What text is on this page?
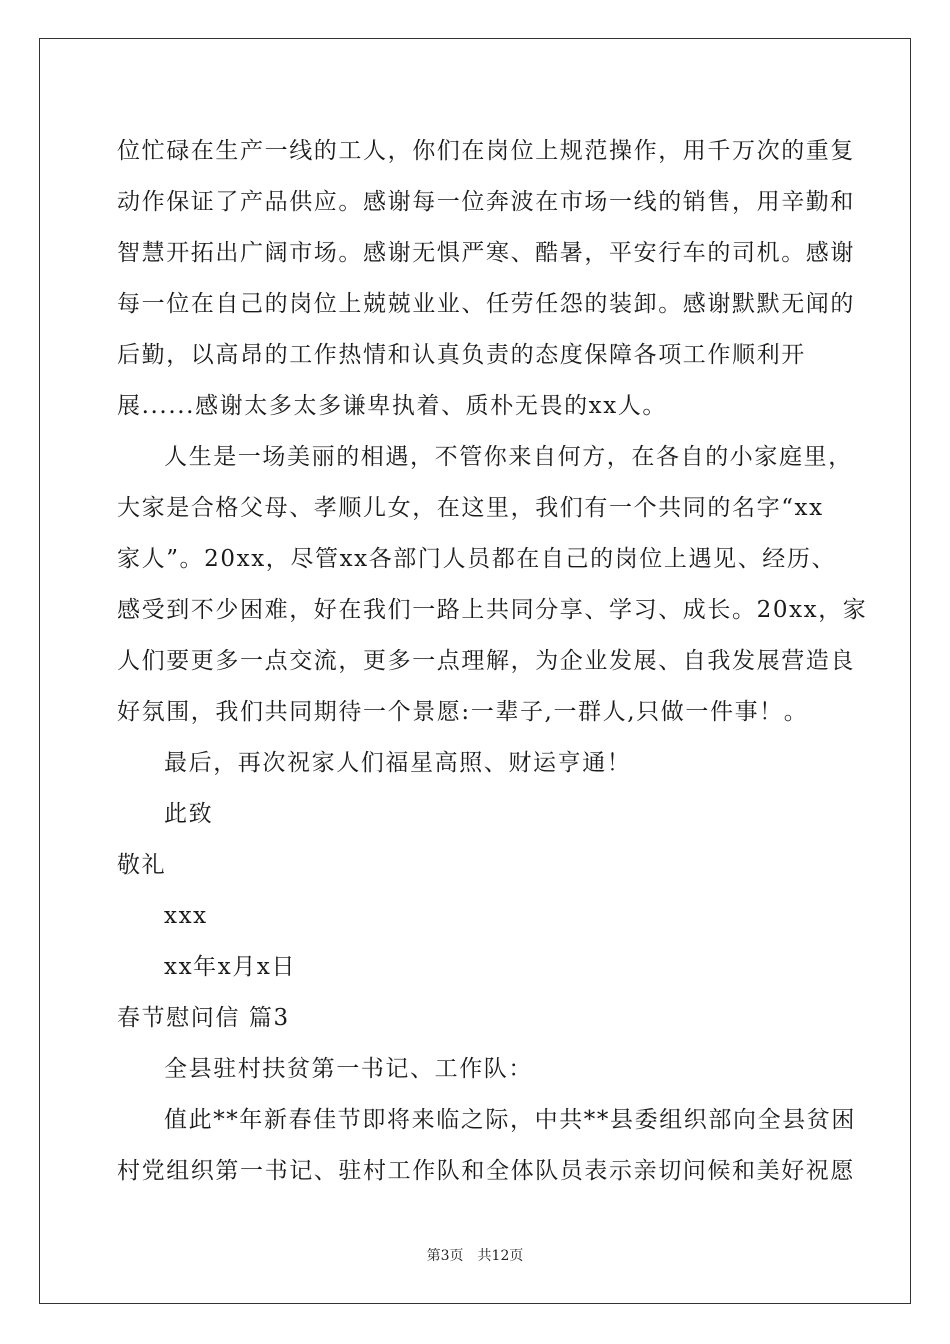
位忙碌在生产一线的工人，你们在岗位上规范操作，用千万次的重复
动作保证了产品供应。感谢每一位奔波在市场一线的销售，用辛勤和
智慧开拓出广阔市场。感谢无惧严寒、酷暑，平安行车的司机。感谢
每一位在自己的岗位上兢兢业业、任劳任怨的装卸。感谢默默无闻的
后勤，以高昂的工作热情和认真负责的态度保障各项工作顺利开
展......感谢太多太多谦卑执着、质朴无畏的xx人。
人生是一场美丽的相遇，不管你来自何方，在各自的小家庭里，
大家是合格父母、孝顺儿女，在这里，我们有一个共同的名字“xx
家人”。20xx，尽管xx各部门人员都在自己的岗位上遇见、经历、
感受到不少困难，好在我们一路上共同分享、学习、成长。20xx，家
人们要更多一点交流，更多一点理解，为企业发展、自我发展营造良
好氛围，我们共同期待一个景愿:一辈子,一群人,只做一件事！。
最后，再次祝家人们福星高照、财运亨通！
此致
敬礼
xxx
xx年x月x日
春节慰问信 篇3
全县驻村扶贫第一书记、工作队：
值此**年新春佳节即将来临之际，中共**县委组织部向全县贫困
村党组织第一书记、驻村工作队和全体队员表示亲切问候和美好祝愿
第3页　共12页
